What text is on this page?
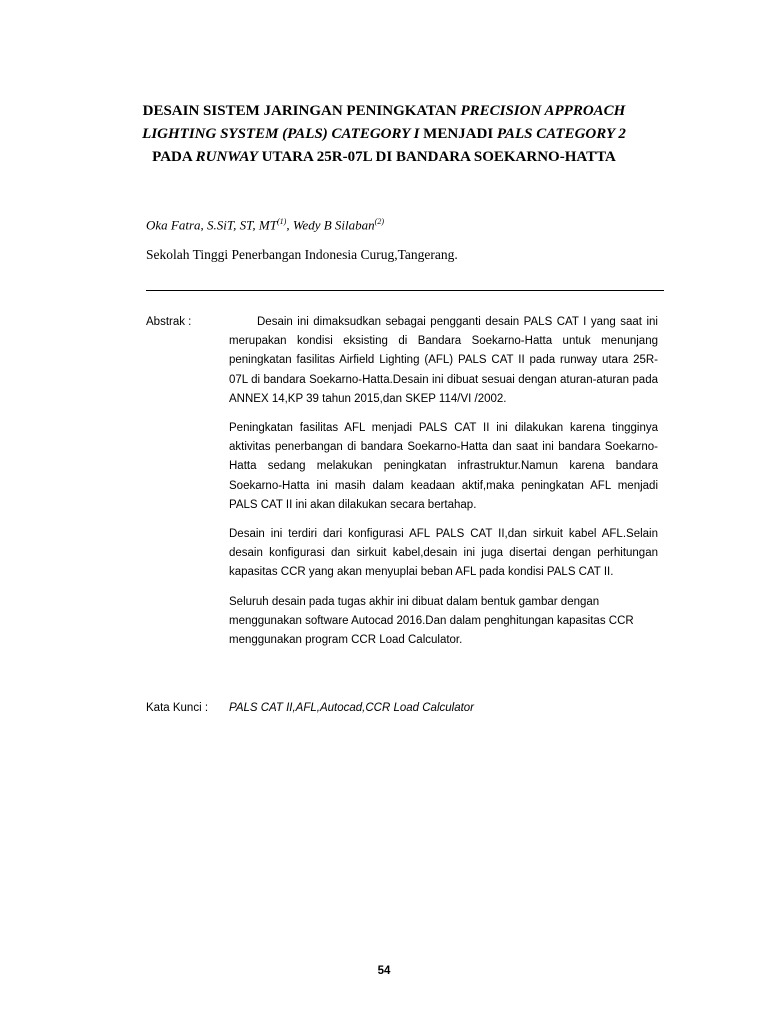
DESAIN SISTEM JARINGAN PENINGKATAN PRECISION APPROACH
LIGHTING SYSTEM (PALS) CATEGORY I MENJADI PALS CATEGORY 2
PADA RUNWAY UTARA 25R-07L DI BANDARA SOEKARNO-HATTA
Oka Fatra, S.SiT, ST, MT$^{(1)}$, Wedy B Silaban$^{(2)}$
Sekolah Tinggi Penerbangan Indonesia Curug,Tangerang.
Abstrak :	Desain ini dimaksudkan sebagai pengganti desain PALS CAT I yang saat ini merupakan kondisi eksisting di Bandara Soekarno-Hatta untuk menunjang peningkatan fasilitas Airfield Lighting (AFL) PALS CAT II pada runway utara 25R-07L di bandara Soekarno-Hatta.Desain ini dibuat sesuai dengan aturan-aturan pada ANNEX 14,KP 39 tahun 2015,dan SKEP 114/VI /2002.

Peningkatan fasilitas AFL menjadi PALS CAT II ini dilakukan karena tingginya aktivitas penerbangan di bandara Soekarno-Hatta dan saat ini bandara Soekarno-Hatta sedang melakukan peningkatan infrastruktur.Namun karena bandara Soekarno-Hatta ini masih dalam keadaan aktif,maka peningkatan AFL menjadi PALS CAT II ini akan dilakukan secara bertahap.

Desain ini terdiri dari konfigurasi AFL PALS CAT II,dan sirkuit kabel AFL.Selain desain konfigurasi dan sirkuit kabel,desain ini juga disertai dengan perhitungan kapasitas CCR yang akan menyuplai beban AFL pada kondisi PALS CAT II.

Seluruh desain pada tugas akhir ini dibuat dalam bentuk gambar dengan menggunakan software Autocad 2016.Dan dalam penghitungan kapasitas CCR menggunakan program CCR Load Calculator.

Kata Kunci : PALS CAT II,AFL,Autocad,CCR Load Calculator
54
